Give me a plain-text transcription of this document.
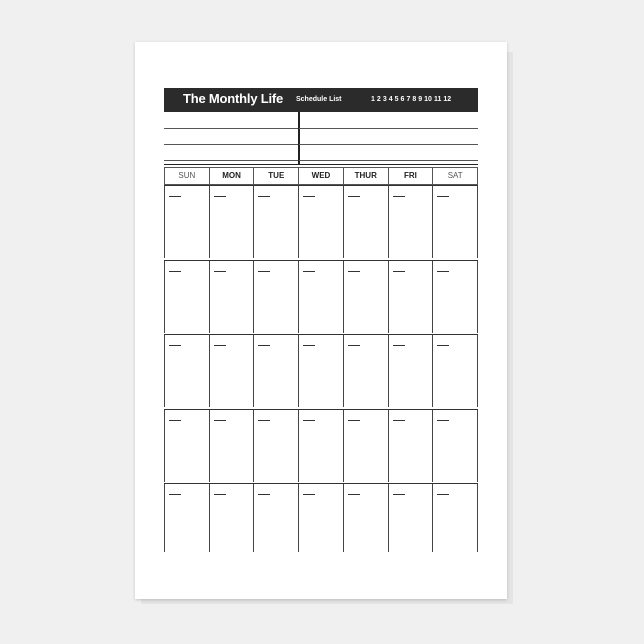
The Monthly Life Schedule List	1 2 3 4 5 6 7 8 9 10 11 12
SUN	MON	TUE	WED	THUR	FRI	SAT
